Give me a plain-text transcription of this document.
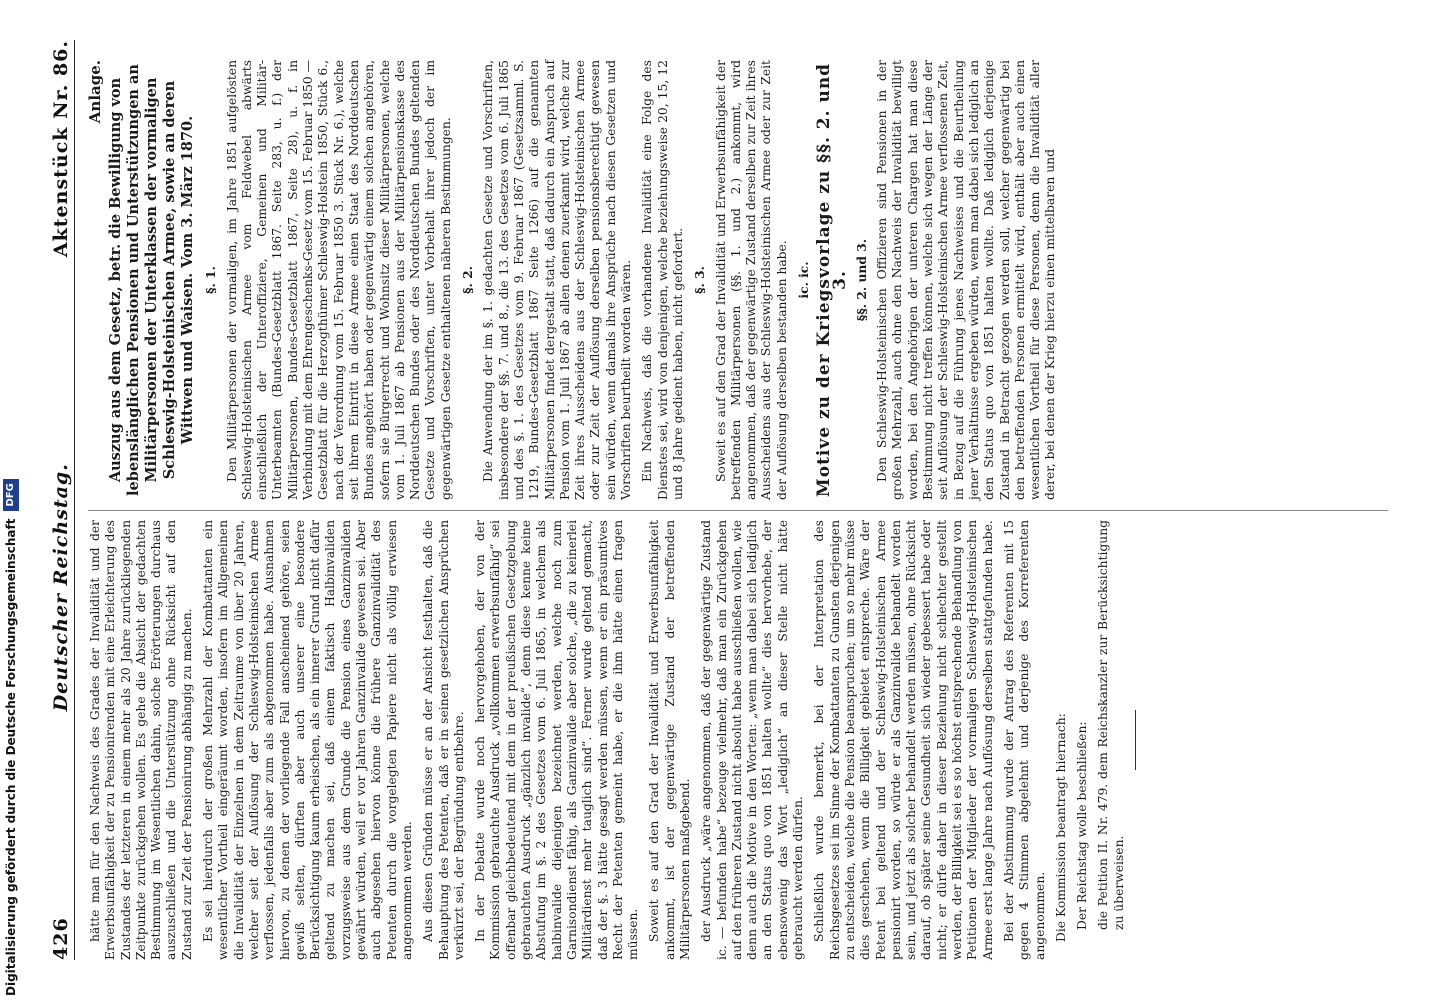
Digitalisierung gefördert durch die Deutsche Forschungsgemeinschaft
DFG
426
Deutscher Reichstag.
Aktenstück Nr. 86.

hätte man für den Nachweis des Grades der Invalidität und der Erwerbsunfähigkeit der zu Pensionirenden mit eine Erleichterung des Zustandes der letzteren in einem mehr als 20 Jahre zurückliegenden Zeitpunkte zurückgehen wollen. Es gehe die Absicht der gedachten Bestimmung im Wesentlichen dahin, solche Erörterungen durchaus auszuschließen und die Unterstützung ohne Rücksicht auf den Zustand zur Zeit der Pensionirung abhängig zu machen. Es sei hierdurch der großen Mehrzahl der Kombattanten ein wesentlicher Vortheil eingeräumt worden, insofern im Allgemeinen die Invalidität der Einzelnen in dem Zeitraume von über 20 Jahren, welcher seit der Auflösung der Schleswig-Holsteinischen Armee verflossen, jedenfalls aber zum als abgenommen habe. Ausnahmen hiervon, zu denen der vorliegende Fall anscheinend gehöre, seien gewiß selten, dürften aber auch unserer eine besondere Berücksichtigung kaum erheischen, als ein innerer Grund nicht dafür geltend zu machen sei, daß einem faktisch Halbinvaliden vorzugsweise aus dem Grunde die Pension eines Ganzinvaliden gewährt würden, weil er vor Jahren Ganzinvalide gewesen sei. Aber auch abgesehen hiervon könne die frühere Ganzinvalidität des Petenten durch die vorgelegten Papiere nicht als völlig erwiesen angenommen werden. Aus diesen Gründen müsse er an der Ansicht festhalten, daß die Behauptung des Petenten, daß er in seinen gesetzlichen Ansprüchen verkürzt sei, der Begründung entbehre. In der Debatte wurde noch hervorgehoben, der von der Kommission gebrauchte Ausdruck „vollkommen erwerbsunfähig“ sei offenbar gleichbedeutend mit dem in der preußischen Gesetzgebung gebrauchten Ausdruck „gänzlich invalide“, denn diese kenne keine Abstufung im §. 2 des Gesetzes vom 6. Juli 1865, in welchem als halbinvalide diejenigen bezeichnet werden, welche noch zum Garnisondienst fähig, als Ganzinvalide aber solche, „die zu keinerlei Militärdienst mehr tauglich sind“. Ferner wurde geltend gemacht, daß der §. 3 hätte gesagt werden müssen, wenn er ein präsumtives Recht der Petenten gemeint habe, er die ihm hätte einen fragen müssen. Soweit es auf den Grad der Invalidität und Erwerbsunfähigkeit ankommt, ist der gegenwärtige Zustand der betreffenden Militärpersonen maßgebend. der Ausdruck „wäre angenommen, daß der gegenwärtige Zustand ic. — befunden habe“ bezeuge vielmehr, daß man ein Zurückgehen auf den früheren Zustand nicht absolut habe ausschließen wollen, wie denn auch die Motive in den Worten: „wenn man dabei sich lediglich an den Status quo von 1851 halten wollte“ dies hervorhebe, der ebensowenig das Wort „lediglich“ an dieser Stelle nicht hätte gebraucht werden dürfen. Schließlich wurde bemerkt, bei der Interpretation des Reichsgesetzes sei im Sinne der Kombattanten zu Gunsten derjenigen zu entscheiden, welche die Pension beanspruchen; um so mehr müsse dies geschehen, wenn die Billigkeit gebietet entspreche. Wäre der Petent bei geltend und der Schleswig-Holsteinischen Armee pensionirt worden, so würde er als Ganzinvalide behandelt worden sein, und jetzt als solcher behandelt werden müssen, ohne Rücksicht darauf, ob später seine Gesundheit sich wieder gebessert habe oder nicht; er dürfe daher in dieser Beziehung nicht schlechter gestellt werden, der Billigkeit sei es so höchst entsprechende Behandlung von Petitionen der Mitglieder der vormaligen Schleswig-Holsteinischen Armee erst lange Jahre nach Auflösung derselben stattgefunden habe. Bei der Abstimmung wurde der Antrag des Referenten mit 15 gegen 4 Stimmen abgelehnt und derjenige des Korreferenten angenommen. Die Kommission beantragt hiernach: Der Reichstag wolle beschließen: die Petition II. Nr. 479. dem Reichskanzler zur Berücksichtigung zu überweisen.

Anlage. Auszug aus dem Gesetz, betr. die Bewilligung von lebenslänglichen Pensionen und Unterstützungen an Militärpersonen der Unterklassen der vormaligen Schleswig-Holsteinischen Armee, sowie an deren Wittwen und Waisen. Vom 3. März 1870. §. 1. Den Militärpersonen der vormaligen, im Jahre 1851 aufgelösten Schleswig-Holsteinischen Armee vom Feldwebel abwärts einschließlich der Unteroffiziere, Gemeinen und Militär-Unterbeamten (Bundes-Gesetzblatt 1867. Seite 283, u. f.) der Militärpersonen, Bundes-Gesetzblatt 1867, Seite 28), u. f. in Verbindung mit dem Ehrengeschenks-Gesetz vom 15. Februar 1850 — Gesetzblatt für die Herzogthümer Schleswig-Holstein 1850, Stück 6., nach der Verordnung vom 15. Februar 1850 3. Stück Nr. 6.), welche seit ihrem Eintritt in diese Armee einen Staat des Norddeutschen Bundes angehört haben oder gegenwärtig einem solchen angehören, sofern sie Bürgerrecht und Wohnsitz dieser Militärpersonen, welche vom 1. Juli 1867 ab Pensionen aus der Militärpensionskasse des Norddeutschen Bundes oder des Norddeutschen Bundes geltenden Gesetze und Vorschriften, unter Vorbehalt ihrer jedoch der im gegenwärtigen Gesetze enthaltenen näheren Bestimmungen. §. 2. Die Anwendung der im §. 1. gedachten Gesetze und Vorschriften, insbesondere der §§. 7. und 8., die 13. des Gesetzes vom 6. Juli 1865 und des §. 1. des Gesetzes vom 9. Februar 1867 (Gesetzsamml. S. 1219, Bundes-Gesetzblatt 1867 Seite 1266) auf die genannten Militärpersonen findet dergestalt statt, daß dadurch ein Anspruch auf Pension vom 1. Juli 1867 ab allen denen zuerkannt wird, welche zur Zeit ihres Ausscheidens aus der Schleswig-Holsteinischen Armee oder zur Zeit der Auflösung derselben pensionsberechtigt gewesen sein würden, wenn damals ihre Ansprüche nach diesen Gesetzen und Vorschriften beurtheilt worden wären. Ein Nachweis, daß die vorhandene Invalidität eine Folge des Dienstes sei, wird von denjenigen, welche beziehungsweise 20, 15, 12 und 8 Jahre gedient haben, nicht gefordert. §. 3. Soweit es auf den Grad der Invalidität und Erwerbsunfähigkeit der betreffenden Militärpersonen (§§. 1. und 2.) ankommt, wird angenommen, daß der gegenwärtige Zustand derselben zur Zeit ihres Ausscheidens aus der Schleswig-Holsteinischen Armee oder zur Zeit der Auflösung derselben bestanden habe. ic. ic. Motive zu der Kriegsvorlage zu §§. 2. und 3. §§. 2. und 3. Den Schleswig-Holsteinischen Offizieren sind Pensionen in der großen Mehrzahl, auch ohne den Nachweis der Invalidität bewilligt worden, bei den Angehörigen der unteren Chargen hat man diese Bestimmung nicht treffen können, welche sich wegen der Länge der seit Auflösung der Schleswig-Holsteinischen Armee verflossenen Zeit, in Bezug auf die Führung jenes Nachweises und die Beurtheilung jener Verhältnisse ergeben würden, wenn man dabei sich lediglich an den Status quo von 1851 halten wollte. Daß lediglich derjenige Zustand in Betracht gezogen werden soll, welcher gegenwärtig bei den betreffenden Personen ermittelt wird, enthält aber auch einen wesentlichen Vortheil für diese Personen, denn die Invalidität aller derer, bei denen der Krieg hierzu einen mittelbaren und
